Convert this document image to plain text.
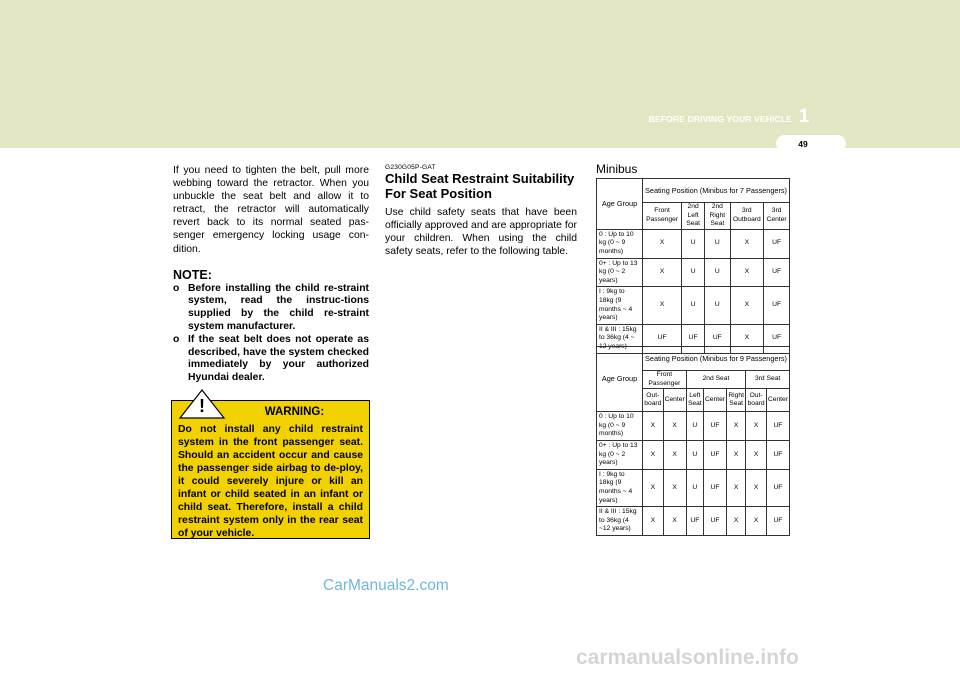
BEFORE DRIVING YOUR VEHICLE 1
49

If you need to tighten the belt, pull more webbing toward the retractor. When you unbuckle the seat belt and allow it to retract, the retractor will automatically revert back to its normal seated pas-senger emergency locking usage con-dition.

NOTE:
o Before installing the child re-straint system, read the instruc-tions supplied by the child re-straint system manufacturer.
o If the seat belt does not operate as described, have the system checked immediately by your authorized Hyundai dealer.
WARNING:

Do not install any child restraint system in the front passenger seat. Should an accident occur and cause the passenger side airbag to de-ploy, it could severely injure or kill an infant or child seated in an infant or child seat. Therefore, install a child restraint system only in the rear seat of your vehicle.

!
G230G05P-GAT
Child Seat Restraint Suitability For Seat Position

Use child safety seats that have been officially approved and are appropriate for your children. When using the child safety seats, refer to the following table.

Minibus
Age Group	Seating Position (Minibus for 7 Passengers)				
	Front Passenger	2nd Left Seat	2nd Right Seat	3rd Outboard	3rd Center
0 : Up to 10 kg (0 ~ 9 months)	X	U	U	X	UF
0+ : Up to 13 kg (0 ~ 2 years)	X	U	U	X	UF
I : 9kg to 18kg (9 months ~ 4 years)	X	U	U	X	UF
II & III : 15kg to 36kg (4 ~ 12 years)	UF	UF	UF	X	UF
Age Group	Seating Position (Minibus for 9 Passengers)						
	Front Passenger		2nd Seat			3rd Seat	
	Out-board	Center	Left Seat	Center	Right Seat	Out-board	Center
0 : Up to 10 kg (0 ~ 9 months)	X	X	U	UF	X	X	UF
0+ : Up to 13 kg (0 ~ 2 years)	X	X	U	UF	X	X	UF
I : 9kg to 18kg (9 months ~ 4 years)	X	X	U	UF	X	X	UF
II & III : 15kg to 36kg (4 ~12 years)	X	X	UF	UF	X	X	UF
CarManuals2.com
carmanualsonline.info
